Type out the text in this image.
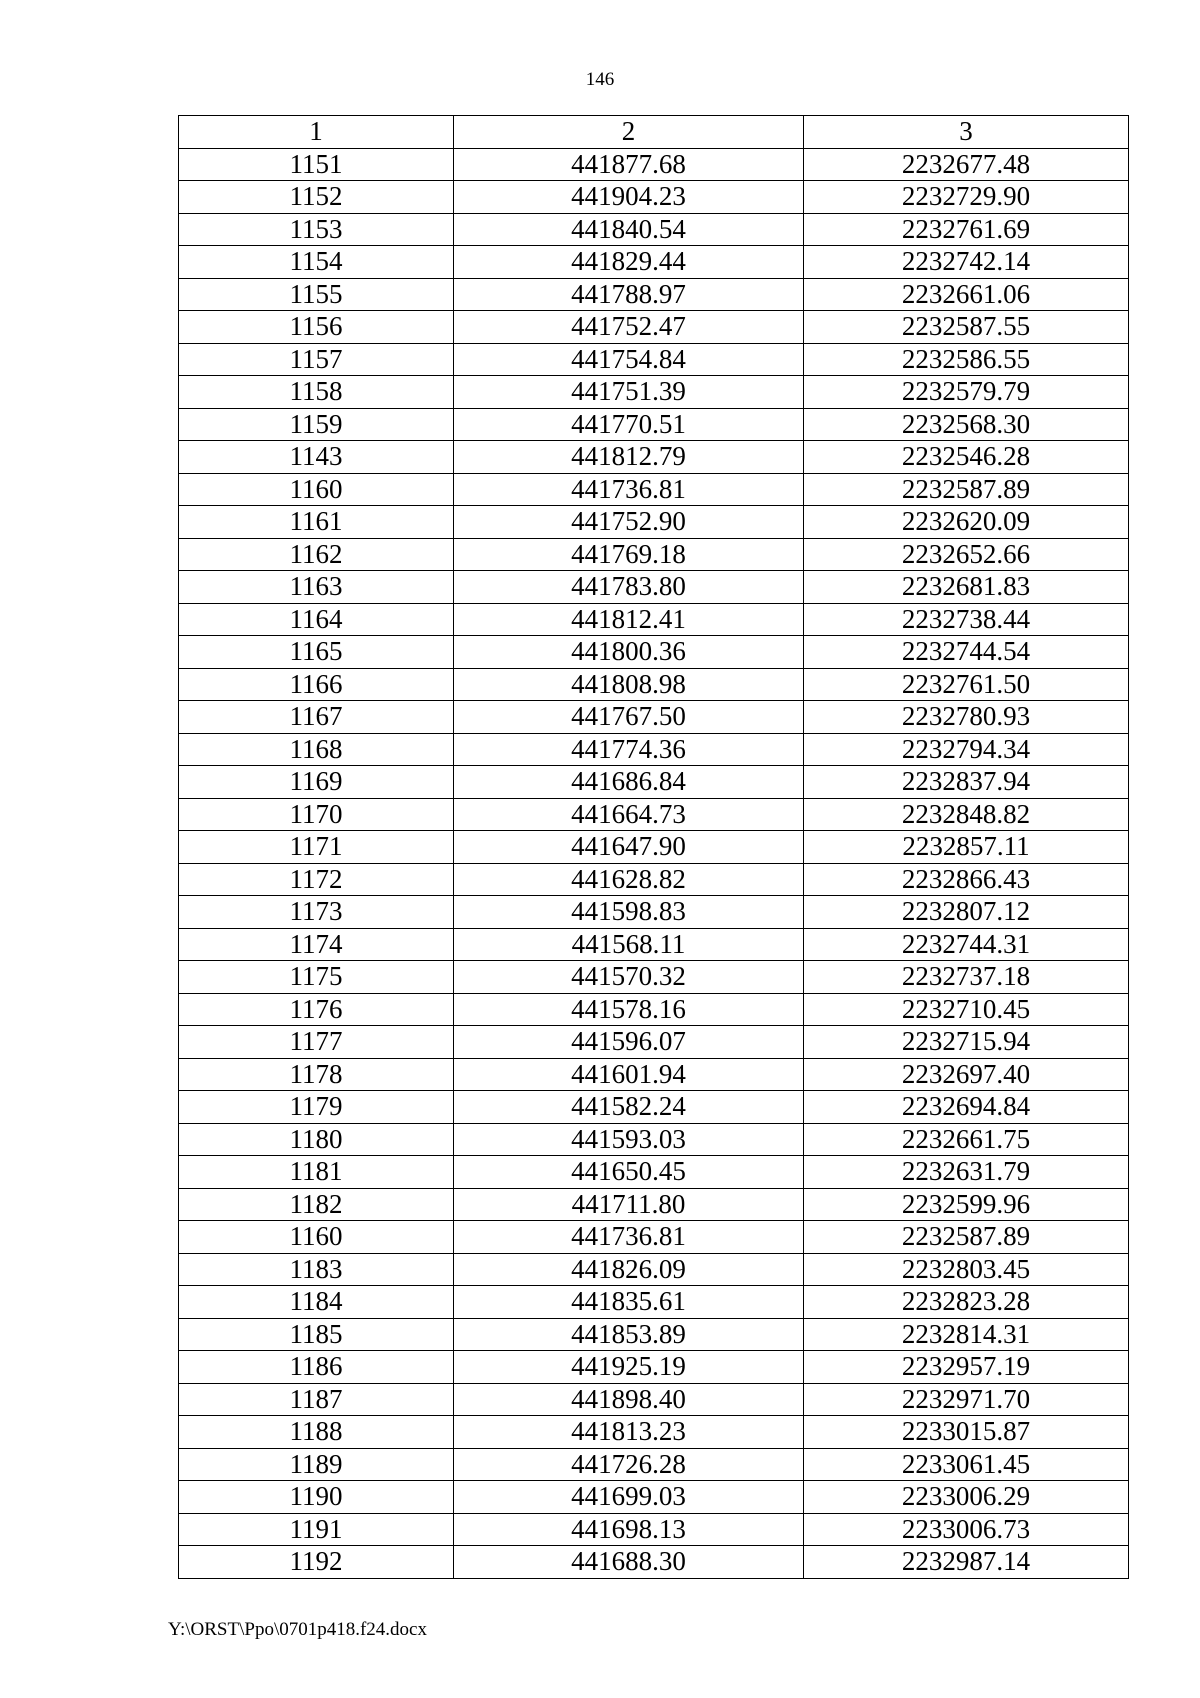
146
1	2	3
1151	441877.68	2232677.48
1152	441904.23	2232729.90
1153	441840.54	2232761.69
1154	441829.44	2232742.14
1155	441788.97	2232661.06
1156	441752.47	2232587.55
1157	441754.84	2232586.55
1158	441751.39	2232579.79
1159	441770.51	2232568.30
1143	441812.79	2232546.28
1160	441736.81	2232587.89
1161	441752.90	2232620.09
1162	441769.18	2232652.66
1163	441783.80	2232681.83
1164	441812.41	2232738.44
1165	441800.36	2232744.54
1166	441808.98	2232761.50
1167	441767.50	2232780.93
1168	441774.36	2232794.34
1169	441686.84	2232837.94
1170	441664.73	2232848.82
1171	441647.90	2232857.11
1172	441628.82	2232866.43
1173	441598.83	2232807.12
1174	441568.11	2232744.31
1175	441570.32	2232737.18
1176	441578.16	2232710.45
1177	441596.07	2232715.94
1178	441601.94	2232697.40
1179	441582.24	2232694.84
1180	441593.03	2232661.75
1181	441650.45	2232631.79
1182	441711.80	2232599.96
1160	441736.81	2232587.89
1183	441826.09	2232803.45
1184	441835.61	2232823.28
1185	441853.89	2232814.31
1186	441925.19	2232957.19
1187	441898.40	2232971.70
1188	441813.23	2233015.87
1189	441726.28	2233061.45
1190	441699.03	2233006.29
1191	441698.13	2233006.73
1192	441688.30	2232987.14
Y:\ORST\Ppo\0701p418.f24.docx
